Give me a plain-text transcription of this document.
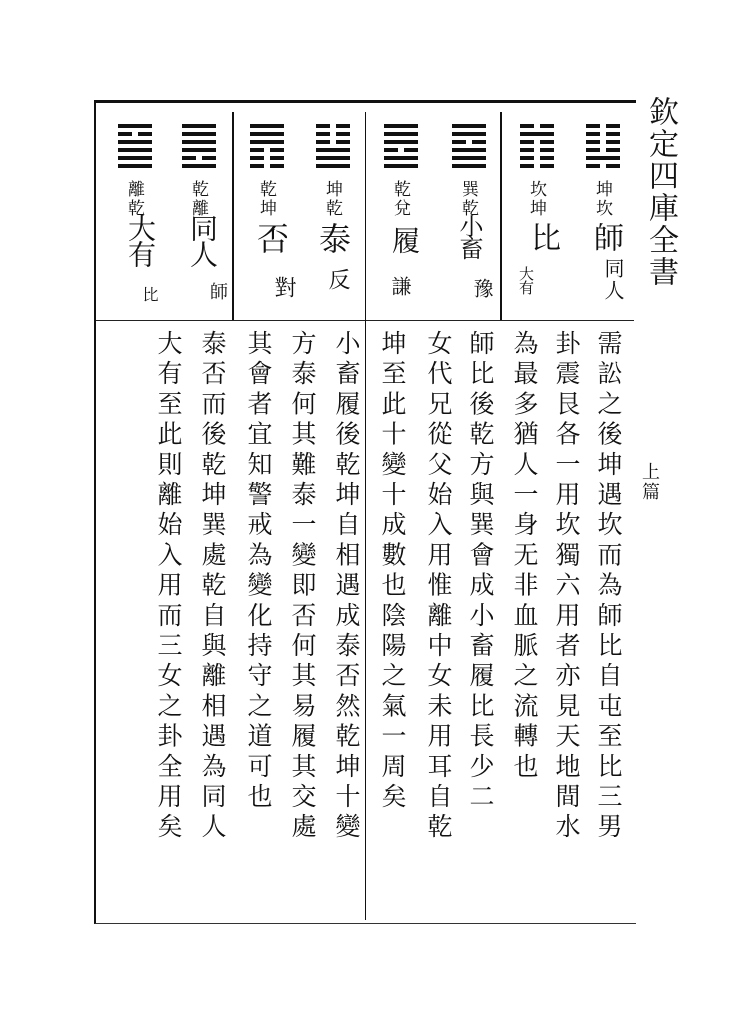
欽定四庫全書
上篇
坤坎
坎坤
師
比
同人
大有
巽乾
乾兌
小畜
履
豫
謙
坤乾
乾坤
泰
否
反
對
乾離
離乾
同人
大有
師
比
需訟之後坤遇坎而為師比自屯至比三男
卦震艮各一用坎獨六用者亦見天地間水
為最多猶人一身无非血脈之流轉也
師比後乾方與巽會成小畜履比長少二
女代兄從父始入用惟離中女未用耳自乾
坤至此十變十成數也陰陽之氣一周矣
小畜履後乾坤自相遇成泰否然乾坤十變
方泰何其難泰一變即否何其易履其交處
其會者宜知警戒為變化持守之道可也
泰否而後乾坤巽處乾自與離相遇為同人
大有至此則離始入用而三女之卦全用矣
